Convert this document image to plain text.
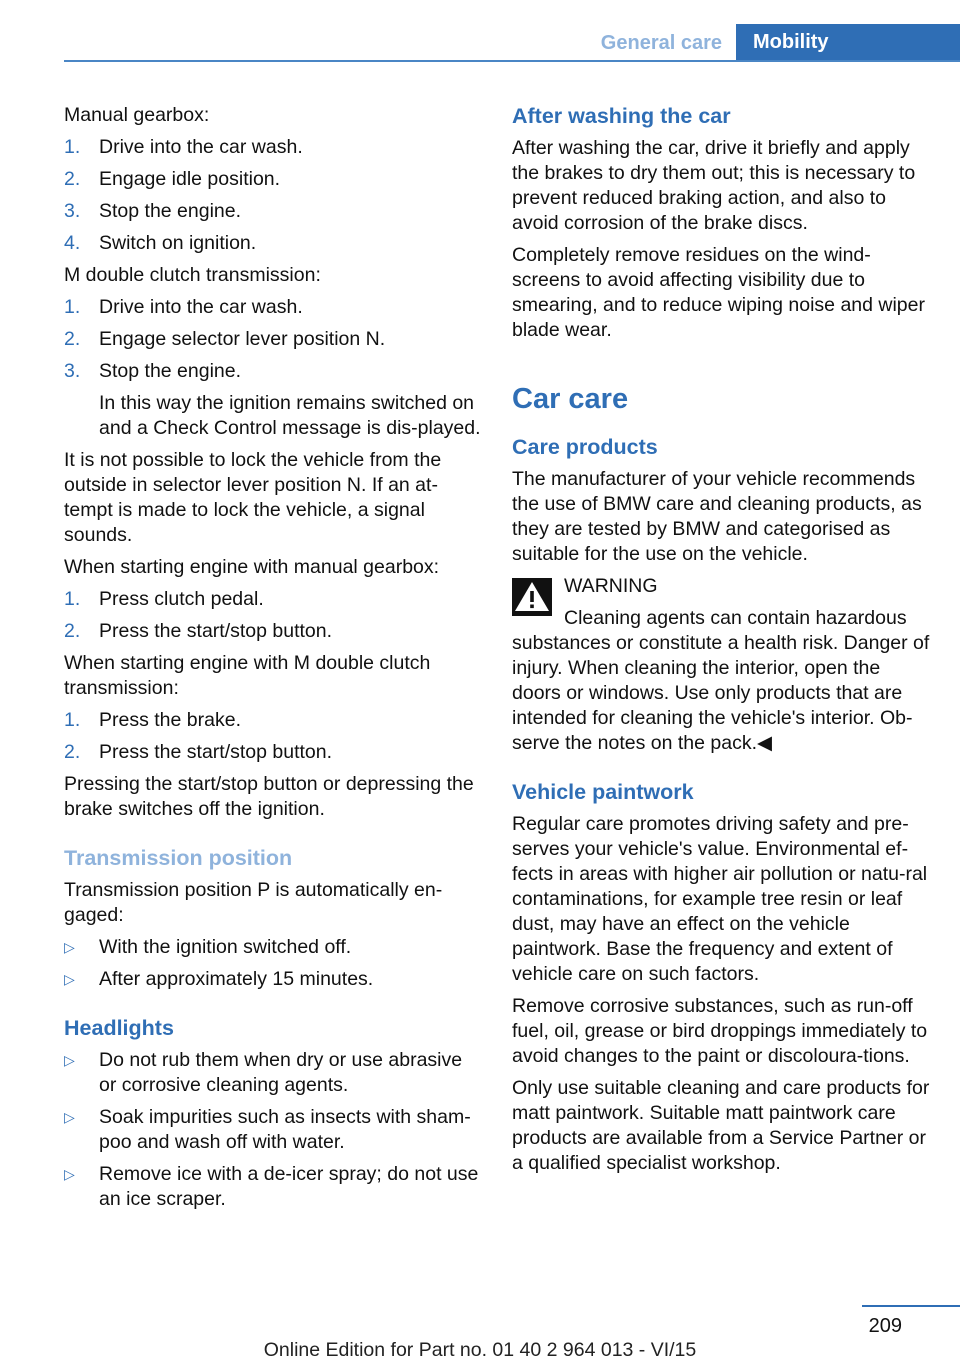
General care	Mobility

Manual gearbox:

1. Drive into the car wash.
2. Engage idle position.
3. Stop the engine.
4. Switch on ignition.

M double clutch transmission:

1. Drive into the car wash.
2. Engage selector lever position N.
3. Stop the engine.
In this way the ignition remains switched on and a Check Control message is dis-played.

It is not possible to lock the vehicle from the outside in selector lever position N. If an at-tempt is made to lock the vehicle, a signal sounds.

When starting engine with manual gearbox:

1. Press clutch pedal.
2. Press the start/stop button.

When starting engine with M double clutch transmission:

1. Press the brake.
2. Press the start/stop button.

Pressing the start/stop button or depressing the brake switches off the ignition.

Transmission position

Transmission position P is automatically en-gaged:

▷ With the ignition switched off.
▷ After approximately 15 minutes.
Headlights
▷ Do not rub them when dry or use abrasive or corrosive cleaning agents.
▷ Soak impurities such as insects with sham-poo and wash off with water.
▷ Remove ice with a de-icer spray; do not use an ice scraper.
After washing the car

After washing the car, drive it briefly and apply the brakes to dry them out; this is necessary to prevent reduced braking action, and also to avoid corrosion of the brake discs.

Completely remove residues on the wind-screens to avoid affecting visibility due to smearing, and to reduce wiping noise and wiper blade wear.

Car care
Care products

The manufacturer of your vehicle recommends the use of BMW care and cleaning products, as they are tested by BMW and categorised as suitable for the use on the vehicle.

WARNING
Cleaning agents can contain hazardous
substances or constitute a health risk. Danger of injury. When cleaning the interior, open the doors or windows. Use only products that are intended for cleaning the vehicle's interior. Ob-serve the notes on the pack.◀
Vehicle paintwork

Regular care promotes driving safety and pre-serves your vehicle's value. Environmental ef-fects in areas with higher air pollution or natu-ral contaminations, for example tree resin or leaf dust, may have an effect on the vehicle paintwork. Base the frequency and extent of vehicle care on such factors.

Remove corrosive substances, such as run-off fuel, oil, grease or bird droppings immediately to avoid changes to the paint or discoloura-tions.

Only use suitable cleaning and care products for matt paintwork. Suitable matt paintwork care products are available from a Service Partner or a qualified specialist workshop.

209
Online Edition for Part no. 01 40 2 964 013 - VI/15
